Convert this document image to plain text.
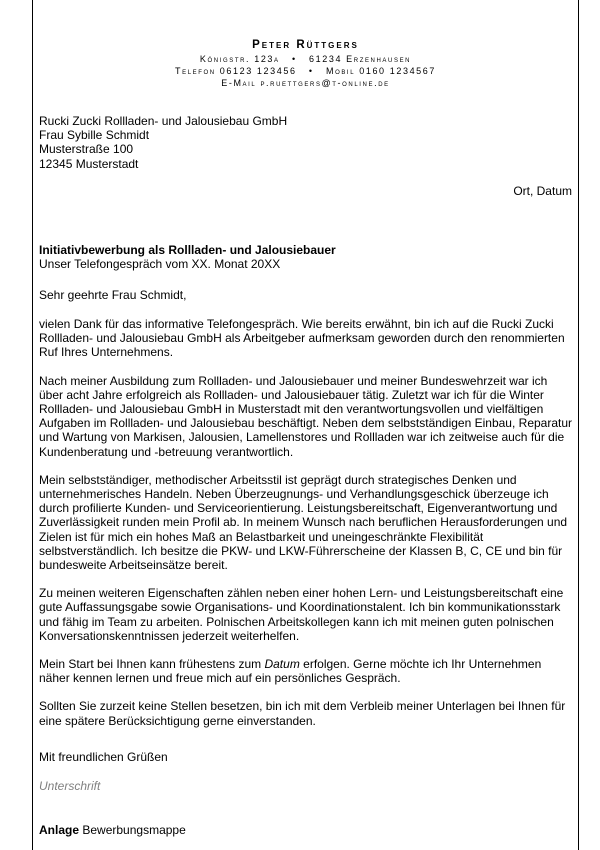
Peter Rüttgers
Königstr. 123a • 61234 Erzenhausen
Telefon 06123 123456 • Mobil 0160 1234567
E-Mail p.ruettgers@t-online.de

Rucki Zucki Rollladen- und Jalousiebau GmbH

Frau Sybille Schmidt

Musterstraße 100

12345 Musterstadt

Ort, Datum

Initiativbewerbung als Rollladen- und Jalousiebauer

Unser Telefongespräch vom XX. Monat 20XX

Sehr geehrte Frau Schmidt,

vielen Dank für das informative Telefongespräch. Wie bereits erwähnt, bin ich auf die Rucki Zucki Rollladen- und Jalousiebau GmbH als Arbeitgeber aufmerksam geworden durch den renommierten Ruf Ihres Unternehmens.

Nach meiner Ausbildung zum Rollladen- und Jalousiebauer und meiner Bundeswehrzeit war ich über acht Jahre erfolgreich als Rollladen- und Jalousiebauer tätig. Zuletzt war ich für die Winter Rollladen- und Jalousiebau GmbH in Musterstadt mit den verantwortungsvollen und vielfältigen Aufgaben im Rollladen- und Jalousiebau beschäftigt. Neben dem selbstständigen Einbau, Reparatur und Wartung von Markisen, Jalousien, Lamellenstores und Rollladen war ich zeitweise auch für die Kundenberatung und -betreuung verantwortlich.

Mein selbstständiger, methodischer Arbeitsstil ist geprägt durch strategisches Denken und unternehmerisches Handeln. Neben Überzeugnungs- und Verhandlungsgeschick überzeuge ich durch profilierte Kunden- und Serviceorientierung. Leistungsbereitschaft, Eigenverantwortung und Zuverlässigkeit runden mein Profil ab. In meinem Wunsch nach beruflichen Herausforderungen und Zielen ist für mich ein hohes Maß an Belastbarkeit und uneingeschränkte Flexibilität selbstverständlich. Ich besitze die PKW- und LKW-Führerscheine der Klassen B, C, CE und bin für bundesweite Arbeitseinsätze bereit.

Zu meinen weiteren Eigenschaften zählen neben einer hohen Lern- und Leistungsbereitschaft eine gute Auffassungsgabe sowie Organisations- und Koordinationstalent. Ich bin kommunikationsstark und fähig im Team zu arbeiten. Polnischen Arbeitskollegen kann ich mit meinen guten polnischen Konversationskenntnissen jederzeit weiterhelfen.

Mein Start bei Ihnen kann frühestens zum Datum erfolgen. Gerne möchte ich Ihr Unternehmen näher kennen lernen und freue mich auf ein persönliches Gespräch.

Sollten Sie zurzeit keine Stellen besetzen, bin ich mit dem Verbleib meiner Unterlagen bei Ihnen für eine spätere Berücksichtigung gerne einverstanden.

Mit freundlichen Grüßen
Unterschrift
Anlage Bewerbungsmappe
